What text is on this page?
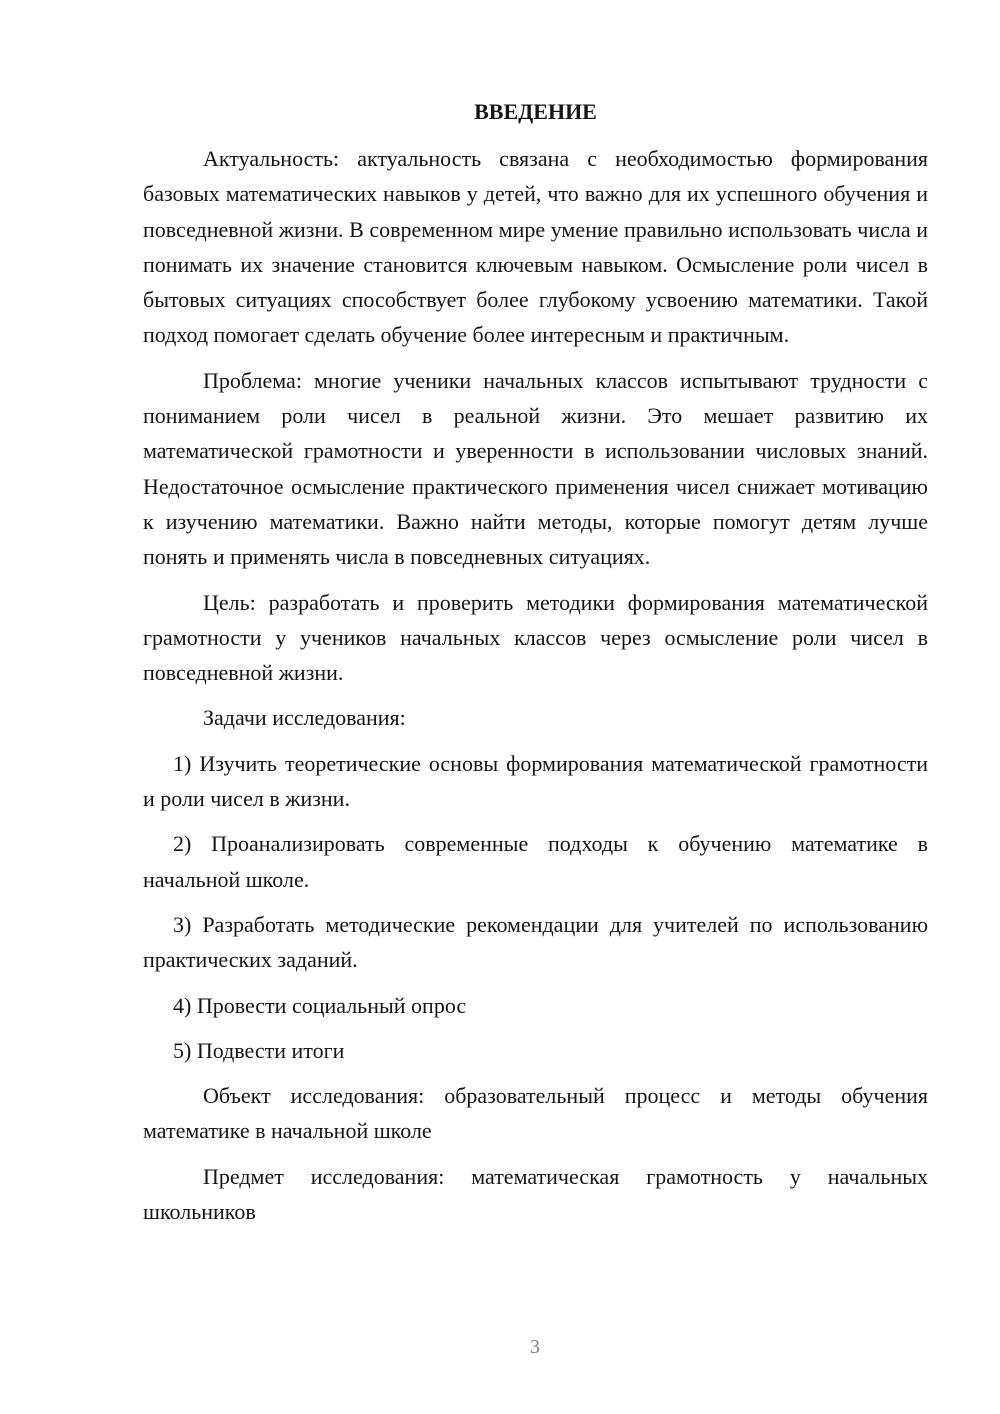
ВВЕДЕНИЕ

Актуальность: актуальность связана с необходимостью формирования базовых математических навыков у детей, что важно для их успешного обучения и повседневной жизни. В современном мире умение правильно использовать числа и понимать их значение становится ключевым навыком. Осмысление роли чисел в бытовых ситуациях способствует более глубокому усвоению математики. Такой подход помогает сделать обучение более интересным и практичным.

Проблема: многие ученики начальных классов испытывают трудности с пониманием роли чисел в реальной жизни. Это мешает развитию их математической грамотности и уверенности в использовании числовых знаний. Недостаточное осмысление практического применения чисел снижает мотивацию к изучению математики. Важно найти методы, которые помогут детям лучше понять и применять числа в повседневных ситуациях.

Цель: разработать и проверить методики формирования математической грамотности у учеников начальных классов через осмысление роли чисел в повседневной жизни.

Задачи исследования:

1) Изучить теоретические основы формирования математической грамотности и роли чисел в жизни.

2) Проанализировать современные подходы к обучению математике в начальной школе.

3) Разработать методические рекомендации для учителей по использованию практических заданий.

4) Провести социальный опрос

5) Подвести итоги

Объект исследования: образовательный процесс и методы обучения математике в начальной школе

Предмет исследования: математическая грамотность у начальных школьников

3
